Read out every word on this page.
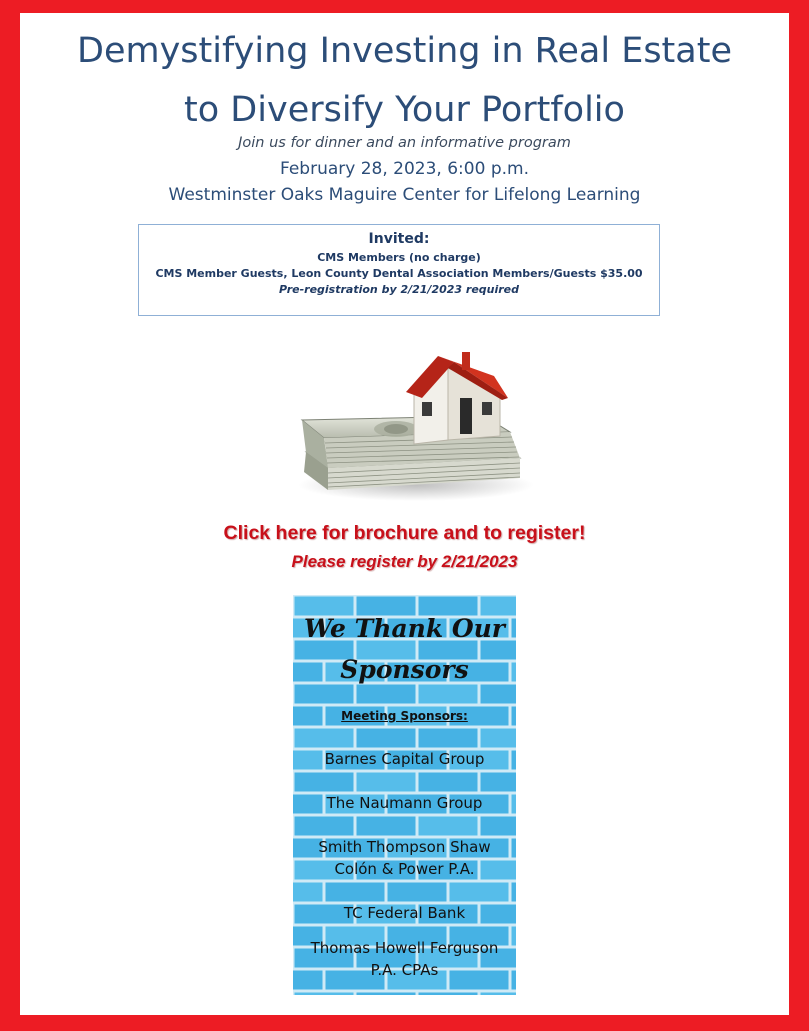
Demystifying Investing in Real Estate
to Diversify Your Portfolio
Join us for dinner and an informative program
February 28, 2023, 6:00 p.m.
Westminster Oaks Maguire Center for Lifelong Learning
Invited:
CMS Members (no charge)
CMS Member Guests, Leon County Dental Association Members/Guests $35.00
Pre-registration by 2/21/2023 required
Click here for brochure and to register!
Please register by 2/21/2023
We Thank Our
Sponsors
Meeting Sponsors:
Barnes Capital Group
The Naumann Group
Smith Thompson Shaw
Colón & Power P.A.
TC Federal Bank
Thomas Howell Ferguson
P.A. CPAs
